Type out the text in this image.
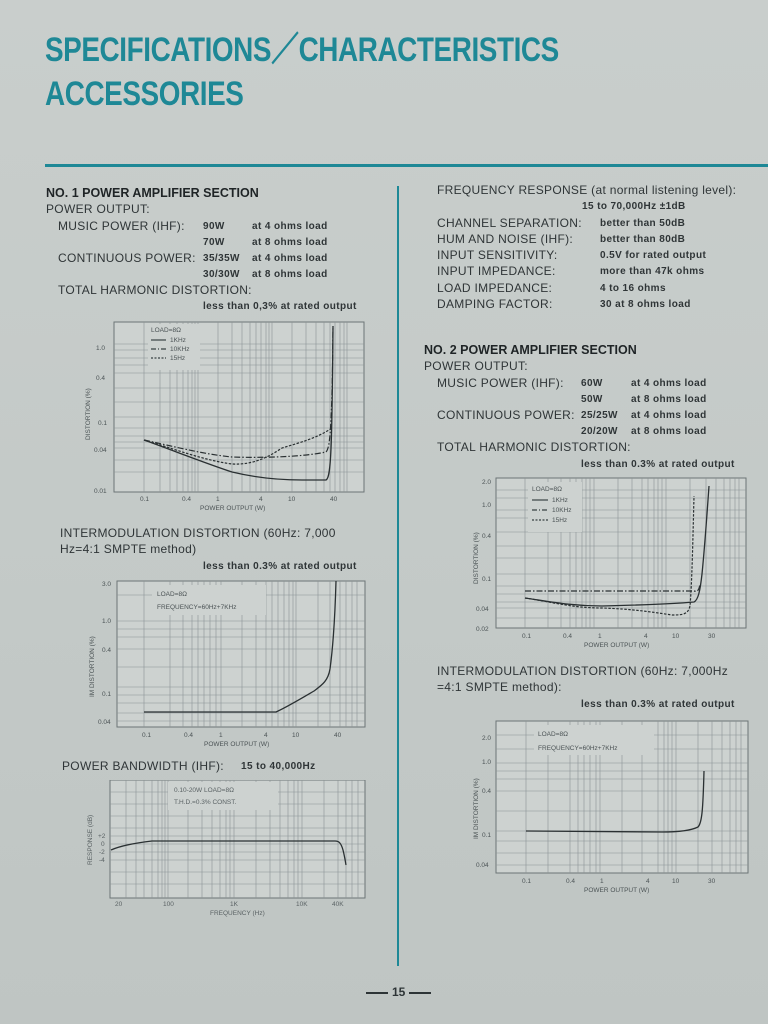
SPECIFICATIONS／CHARACTERISTICS
ACCESSORIES
NO. 1 POWER AMPLIFIER SECTION
POWER OUTPUT:
MUSIC POWER (IHF): 90W	at 4 ohms load
70W	at 8 ohms load
CONTINUOUS POWER: 35/35W at 4 ohms load
30/30W at 8 ohms load
TOTAL HARMONIC DISTORTION:
less than 0,3% at rated output
LOAD=8Ω
1KHz
10KHz
15Hz
1.0
0.4
0.1
0.04
0.01
0.1	0.4	1	4	10	40
POWER OUTPUT (W)
DISTORTION (%)
INTERMODULATION DISTORTION (60Hz: 7,000
Hz=4:1 SMPTE method)
less than 0.3% at rated output
LOAD=8Ω
FREQUENCY=60Hz+7KHz
3.0
1.0
0.4
0.1
0.04
0.1	0.4	1	4	10	40
POWER OUTPUT (W)
IM DISTORTION (%)
POWER BANDWIDTH (IHF): 15 to 40,000Hz
0.10-20W LOAD=8Ω
T.H.D.=0.3% CONST.
+2
0
-2
-4
20	100	1K	10K	40K
FREQUENCY (Hz)
RESPONSE (dB)
FREQUENCY RESPONSE (at normal listening level):
15 to 70,000Hz ±1dB
CHANNEL SEPARATION: better than 50dB
HUM AND NOISE (IHF):	better than 80dB
INPUT SENSITIVITY:	0.5V for rated output
INPUT IMPEDANCE:	more than 47k ohms
LOAD IMPEDANCE:	4 to 16 ohms
DAMPING FACTOR:	30 at 8 ohms load
NO. 2 POWER AMPLIFIER SECTION
POWER OUTPUT:
MUSIC POWER (IHF): 60W	at 4 ohms load
50W	at 8 ohms load
CONTINUOUS POWER: 25/25W at 4 ohms load
20/20W at 8 ohms load
TOTAL HARMONIC DISTORTION:
less than 0.3% at rated output
LOAD=8Ω
1KHz
10KHz
15Hz
2.0
1.0
0.4
0.1
0.04
0.02
0.1	0.4	1	4	10	30
POWER OUTPUT (W)
DISTORTION (%)
INTERMODULATION DISTORTION (60Hz: 7,000Hz
=4:1 SMPTE method):
less than 0.3% at rated output
LOAD=8Ω
FREQUENCY=60Hz+7KHz
2.0
1.0
0.4
0.1
0.04
0.1	0.4	1	4	10	30
POWER OUTPUT (W)
IM DISTORTION (%)
15
